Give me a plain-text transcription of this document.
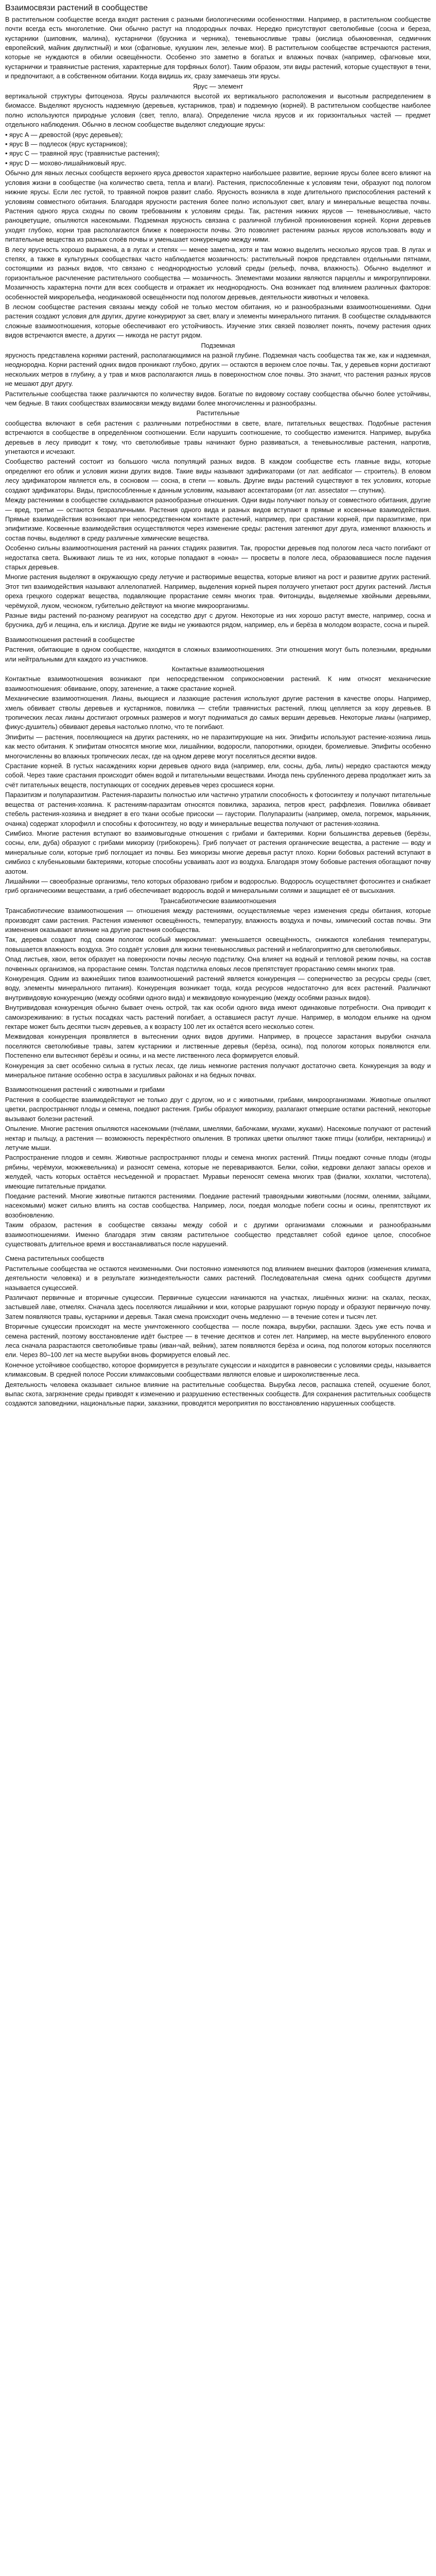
Взаимосвязи растений в сообществе

В растительном сообществе всегда входят растения с разными биологическими особенностями. Например, в растительном сообществе почти всегда есть многолетние. Они обычно растут на плодородных почвах. Нередко присутствуют светолюбивые (сосна и береза, кустарники (шиповник, малина), кустарнички (брусника и черника), теневыносливые травы (кислица обыкновенная, седмичник европейский, майник двулистный) и мхи (сфагновые, кукушкин лен, зеленые мхи). В растительном сообществе встречаются растения, которые не нуждаются в обилии освещённости. Особенно это заметно в богатых и влажных почвах (например, сфагновые мхи, кустарнички и травянистые растения, характерные для торфяных болот). Таким образом, эти виды растений, которые существуют в тени, и предпочитают, а в собственном обитании. Когда видишь их, сразу замечаешь эти ярусы.

Ярус — элемент

вертикальной структуры фитоценоза. Ярусы различаются высотой их вертикального расположения и высотным распределением в биомассе. Выделяют ярусность надземную (деревьев, кустарников, трав) и подземную (корней). В растительном сообществе наиболее полно используются природные условия (свет, тепло, влага). Определение числа ярусов и их горизонтальных частей — предмет отдельного наблюдения. Обычно в лесном сообществе выделяют следующие ярусы:

• ярус А — древостой (ярус деревьев);
• ярус B — подлесок (ярус кустарников);
• ярус C — травяной ярус (травянистые растения);
• ярус D — мохово-лишайниковый ярус.

Обычно для явных лесных сообществ верхнего яруса древостоя характерно наибольшее развитие, верхние ярусы более всего влияют на условия жизни в сообществе (на количество света, тепла и влаги). Растения, приспособленные к условиям тени, образуют под пологом нижние ярусы. Если лес густой, то травяной покров развит слабо. Ярусность возникла в ходе длительного приспособления растений к условиям совместного обитания. Благодаря ярусности растения более полно используют свет, влагу и минеральные вещества почвы. Растения одного яруса сходны по своим требованиям к условиям среды. Так, растения нижних ярусов — теневыносливые, часто раноцветущие, опыляются насекомыми. Подземная ярусность связана с различной глубиной проникновения корней. Корни деревьев уходят глубоко, корни трав располагаются ближе к поверхности почвы. Это позволяет растениям разных ярусов использовать воду и питательные вещества из разных слоёв почвы и уменьшает конкуренцию между ними.

В лесу ярусность хорошо выражена, а в лугах и степях — менее заметна, хотя и там можно выделить несколько ярусов трав. В лугах и степях, а также в культурных сообществах часто наблюдается мозаичность: растительный покров представлен отдельными пятнами, состоящими из разных видов, что связано с неоднородностью условий среды (рельеф, почва, влажность). Обычно выделяют и горизонтальное расчленение растительного сообщества — мозаичность. Элементами мозаики являются парцеллы и микрогруппировки. Мозаичность характерна почти для всех сообществ и отражает их неоднородность. Она возникает под влиянием различных факторов: особенностей микрорельефа, неодинаковой освещённости под пологом деревьев, деятельности животных и человека.

В лесном сообществе растения связаны между собой не только местом обитания, но и разнообразными взаимоотношениями. Одни растения создают условия для других, другие конкурируют за свет, влагу и элементы минерального питания. В сообществе складываются сложные взаимоотношения, которые обеспечивают его устойчивость. Изучение этих связей позволяет понять, почему растения одних видов встречаются вместе, а других — никогда не растут рядом.

Подземная

ярусность представлена корнями растений, располагающимися на разной глубине. Подземная часть сообщества так же, как и надземная, неоднородна. Корни растений одних видов проникают глубоко, других — остаются в верхнем слое почвы. Так, у деревьев корни достигают нескольких метров в глубину, а у трав и мхов располагаются лишь в поверхностном слое почвы. Это значит, что растения разных ярусов не мешают друг другу.

Растительные сообщества также различаются по количеству видов. Богатые по видовому составу сообщества обычно более устойчивы, чем бедные. В таких сообществах взаимосвязи между видами более многочисленны и разнообразны.

Растительные

сообщества включают в себя растения с различными потребностями в свете, влаге, питательных веществах. Подобные растения встречаются в сообществе в определённом соотношении. Если нарушить соотношение, то сообщество изменится. Например, вырубка деревьев в лесу приводит к тому, что светолюбивые травы начинают бурно развиваться, а теневыносливые растения, напротив, угнетаются и исчезают.

Сообщество растений состоит из большого числа популяций разных видов. В каждом сообществе есть главные виды, которые определяют его облик и условия жизни других видов. Такие виды называют эдификаторами (от лат. aedificator — строитель). В еловом лесу эдификатором является ель, в сосновом — сосна, в степи — ковыль. Другие виды растений существуют в тех условиях, которые создают эдификаторы. Виды, приспособленные к данным условиям, называют ассектаторами (от лат. assectator — спутник).

Между растениями в сообществе складываются разнообразные отношения. Одни виды получают пользу от совместного обитания, другие — вред, третьи — остаются безразличными. Растения одного вида и разных видов вступают в прямые и косвенные взаимодействия. Прямые взаимодействия возникают при непосредственном контакте растений, например, при срастании корней, при паразитизме, при эпифитизме. Косвенные взаимодействия осуществляются через изменение среды: растения затеняют друг друга, изменяют влажность и состав почвы, выделяют в среду различные химические вещества.

Особенно сильны взаимоотношения растений на ранних стадиях развития. Так, проростки деревьев под пологом леса часто погибают от недостатка света. Выживают лишь те из них, которые попадают в «окна» — просветы в пологе леса, образовавшиеся после падения старых деревьев.

Многие растения выделяют в окружающую среду летучие и растворимые вещества, которые влияют на рост и развитие других растений. Этот тип взаимодействия называют аллелопатией. Например, выделения корней пырея ползучего угнетают рост других растений. Листья ореха грецкого содержат вещества, подавляющие прорастание семян многих трав. Фитонциды, выделяемые хвойными деревьями, черёмухой, луком, чесноком, губительно действуют на многие микроорганизмы.

Разные виды растений по-разному реагируют на соседство друг с другом. Некоторые из них хорошо растут вместе, например, сосна и брусника, дуб и лещина, ель и кислица. Другие же виды не уживаются рядом, например, ель и берёза в молодом возрасте, сосна и пырей.

Взаимоотношения растений в сообществе

Растения, обитающие в одном сообществе, находятся в сложных взаимоотношениях. Эти отношения могут быть полезными, вредными или нейтральными для каждого из участников.

Контактные взаимоотношения

Контактные взаимоотношения возникают при непосредственном соприкосновении растений. К ним относят механические взаимоотношения: обвивание, опору, затенение, а также срастание корней.

Механические взаимоотношения. Лианы, вьющиеся и лазающие растения используют другие растения в качестве опоры. Например, хмель обвивает стволы деревьев и кустарников, повилика — стебли травянистых растений, плющ цепляется за кору деревьев. В тропических лесах лианы достигают огромных размеров и могут подниматься до самых вершин деревьев. Некоторые лианы (например, фикус-душитель) обвивают деревья настолько плотно, что те погибают.

Эпифиты — растения, поселяющиеся на других растениях, но не паразитирующие на них. Эпифиты используют растение-хозяина лишь как место обитания. К эпифитам относятся многие мхи, лишайники, водоросли, папоротники, орхидеи, бромелиевые. Эпифиты особенно многочисленны во влажных тропических лесах, где на одном дереве могут поселяться десятки видов.

Срастание корней. В густых насаждениях корни деревьев одного вида (например, ели, сосны, дуба, липы) нередко срастаются между собой. Через такие срастания происходит обмен водой и питательными веществами. Иногда пень срубленного дерева продолжает жить за счёт питательных веществ, поступающих от соседних деревьев через сросшиеся корни.

Паразитизм и полупаразитизм. Растения-паразиты полностью или частично утратили способность к фотосинтезу и получают питательные вещества от растения-хозяина. К растениям-паразитам относятся повилика, заразиха, петров крест, раффлезия. Повилика обвивает стебель растения-хозяина и внедряет в его ткани особые присоски — гаустории. Полупаразиты (например, омела, погремок, марьянник, очанка) содержат хлорофилл и способны к фотосинтезу, но воду и минеральные вещества получают от растения-хозяина.

Симбиоз. Многие растения вступают во взаимовыгодные отношения с грибами и бактериями. Корни большинства деревьев (берёзы, сосны, ели, дуба) образуют с грибами микоризу (грибокорень). Гриб получает от растения органические вещества, а растение — воду и минеральные соли, которые гриб поглощает из почвы. Без микоризы многие деревья растут плохо. Корни бобовых растений вступают в симбиоз с клубеньковыми бактериями, которые способны усваивать азот из воздуха. Благодаря этому бобовые растения обогащают почву азотом.

Лишайники — своеобразные организмы, тело которых образовано грибом и водорослью. Водоросль осуществляет фотосинтез и снабжает гриб органическими веществами, а гриб обеспечивает водоросль водой и минеральными солями и защищает её от высыхания.

Трансабиотические взаимоотношения

Трансабиотические взаимоотношения — отношения между растениями, осуществляемые через изменения среды обитания, которые производят сами растения. Растения изменяют освещённость, температуру, влажность воздуха и почвы, химический состав почвы. Эти изменения оказывают влияние на другие растения сообщества.

Так, деревья создают под своим пологом особый микроклимат: уменьшается освещённость, снижаются колебания температуры, повышается влажность воздуха. Это создаёт условия для жизни теневыносливых растений и неблагоприятно для светолюбивых.

Опад листьев, хвои, веток образует на поверхности почвы лесную подстилку. Она влияет на водный и тепловой режим почвы, на состав почвенных организмов, на прорастание семян. Толстая подстилка еловых лесов препятствует прорастанию семян многих трав.

Конкуренция. Одним из важнейших типов взаимоотношений растений является конкуренция — соперничество за ресурсы среды (свет, воду, элементы минерального питания). Конкуренция возникает тогда, когда ресурсов недостаточно для всех растений. Различают внутривидовую конкуренцию (между особями одного вида) и межвидовую конкуренцию (между особями разных видов).

Внутривидовая конкуренция обычно бывает очень острой, так как особи одного вида имеют одинаковые потребности. Она приводит к самоизреживанию: в густых посадках часть растений погибает, а оставшиеся растут лучше. Например, в молодом ельнике на одном гектаре может быть десятки тысяч деревьев, а к возрасту 100 лет их остаётся всего несколько сотен.

Межвидовая конкуренция проявляется в вытеснении одних видов другими. Например, в процессе зарастания вырубки сначала поселяются светолюбивые травы, затем кустарники и лиственные деревья (берёза, осина), под пологом которых появляются ели. Постепенно ели вытесняют берёзы и осины, и на месте лиственного леса формируется еловый.

Конкуренция за свет особенно сильна в густых лесах, где лишь немногие растения получают достаточно света. Конкуренция за воду и минеральное питание особенно остра в засушливых районах и на бедных почвах.

Взаимоотношения растений с животными и грибами

Растения в сообществе взаимодействуют не только друг с другом, но и с животными, грибами, микроорганизмами. Животные опыляют цветки, распространяют плоды и семена, поедают растения. Грибы образуют микоризу, разлагают отмершие остатки растений, некоторые вызывают болезни растений.

Опыление. Многие растения опыляются насекомыми (пчёлами, шмелями, бабочками, мухами, жуками). Насекомые получают от растений нектар и пыльцу, а растения — возможность перекрёстного опыления. В тропиках цветки опыляют также птицы (колибри, нектарницы) и летучие мыши.

Распространение плодов и семян. Животные распространяют плоды и семена многих растений. Птицы поедают сочные плоды (ягоды рябины, черёмухи, можжевельника) и разносят семена, которые не перевариваются. Белки, сойки, кедровки делают запасы орехов и желудей, часть которых остаётся несъеденной и прорастает. Муравьи переносят семена многих трав (фиалки, хохлатки, чистотела), имеющие питательные придатки.

Поедание растений. Многие животные питаются растениями. Поедание растений травоядными животными (лосями, оленями, зайцами, насекомыми) может сильно влиять на состав сообщества. Например, лоси, поедая молодые побеги сосны и осины, препятствуют их возобновлению.

Таким образом, растения в сообществе связаны между собой и с другими организмами сложными и разнообразными взаимоотношениями. Именно благодаря этим связям растительное сообщество представляет собой единое целое, способное существовать длительное время и восстанавливаться после нарушений.

Смена растительных сообществ

Растительные сообщества не остаются неизменными. Они постоянно изменяются под влиянием внешних факторов (изменения климата, деятельности человека) и в результате жизнедеятельности самих растений. Последовательная смена одних сообществ другими называется сукцессией.

Различают первичные и вторичные сукцессии. Первичные сукцессии начинаются на участках, лишённых жизни: на скалах, песках, застывшей лаве, отмелях. Сначала здесь поселяются лишайники и мхи, которые разрушают горную породу и образуют первичную почву. Затем появляются травы, кустарники и деревья. Такая смена происходит очень медленно — в течение сотен и тысяч лет.

Вторичные сукцессии происходят на месте уничтоженного сообщества — после пожара, вырубки, распашки. Здесь уже есть почва и семена растений, поэтому восстановление идёт быстрее — в течение десятков и сотен лет. Например, на месте вырубленного елового леса сначала разрастаются светолюбивые травы (иван-чай, вейник), затем появляются берёза и осина, под пологом которых поселяются ели. Через 80–100 лет на месте вырубки вновь формируется еловый лес.

Конечное устойчивое сообщество, которое формируется в результате сукцессии и находится в равновесии с условиями среды, называется климаксовым. В средней полосе России климаксовыми сообществами являются еловые и широколиственные леса.

Деятельность человека оказывает сильное влияние на растительные сообщества. Вырубка лесов, распашка степей, осушение болот, выпас скота, загрязнение среды приводят к изменению и разрушению естественных сообществ. Для сохранения растительных сообществ создаются заповедники, национальные парки, заказники, проводятся мероприятия по восстановлению нарушенных сообществ.
